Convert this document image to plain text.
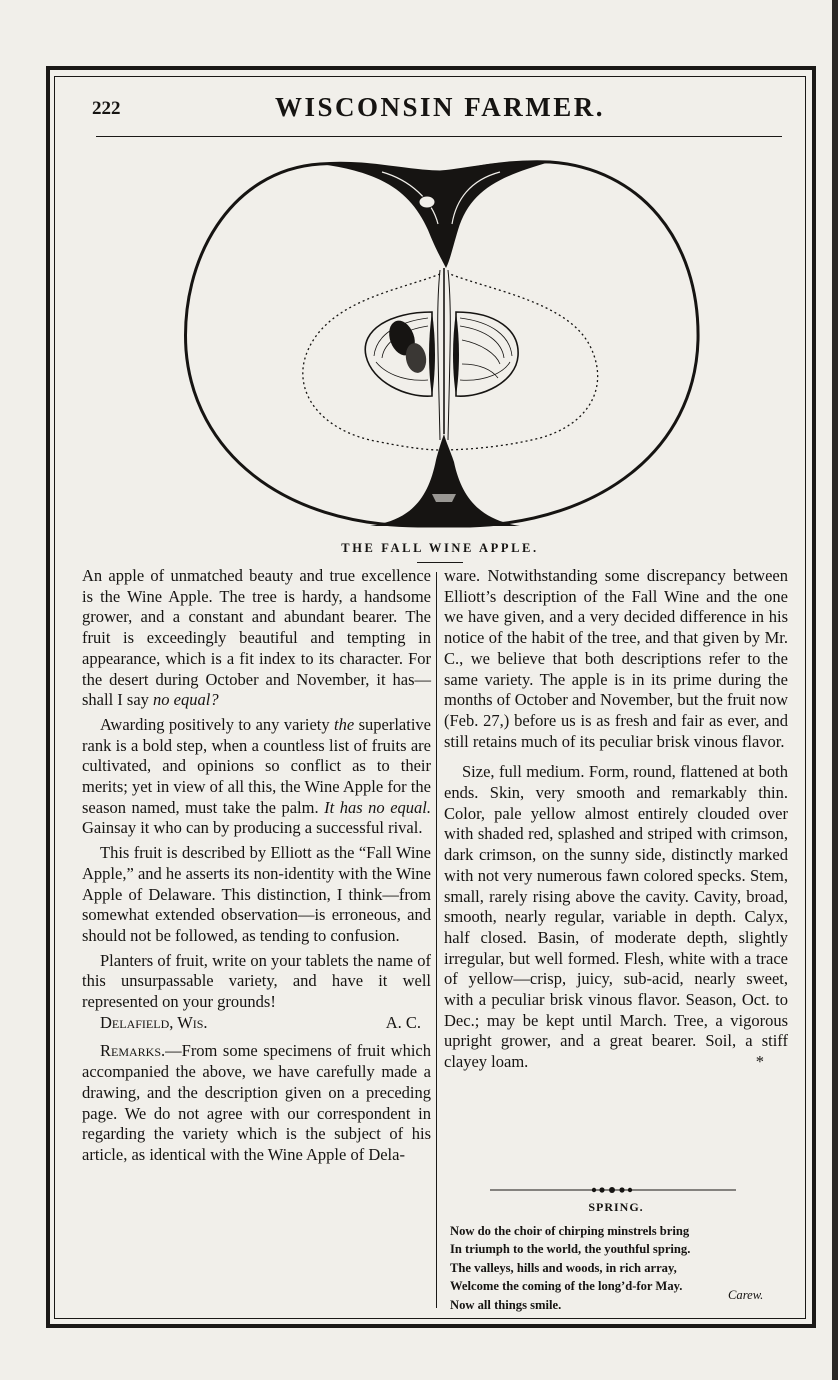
222	WISCONSIN FARMER.
THE FALL WINE APPLE.

An apple of unmatched beauty and true excellence is the Wine Apple. The tree is hardy, a handsome grower, and a constant and abundant bearer. The fruit is exceedingly beautiful and tempting in appearance, which is a fit index to its character. For the desert during October and November, it has—shall I say no equal?

Awarding positively to any variety the superlative rank is a bold step, when a countless list of fruits are cultivated, and opinions so conflict as to their merits; yet in view of all this, the Wine Apple for the season named, must take the palm. It has no equal. Gainsay it who can by producing a successful rival.

This fruit is described by Elliott as the “Fall Wine Apple,” and he asserts its non-identity with the Wine Apple of Delaware. This distinction, I think—from somewhat extended observation—is erroneous, and should not be followed, as tending to confusion.

Planters of fruit, write on your tablets the name of this unsurpassable variety, and have it well represented on your grounds!

Delafield, Wis.	A. C.

Remarks.—From some specimens of fruit which accompanied the above, we have carefully made a drawing, and the description given on a preceding page. We do not agree with our correspondent in regarding the variety which is the subject of his article, as identical with the Wine Apple of Dela-

ware. Notwithstanding some discrepancy between Elliott’s description of the Fall Wine and the one we have given, and a very decided difference in his notice of the habit of the tree, and that given by Mr. C., we believe that both descriptions refer to the same variety. The apple is in its prime during the months of October and November, but the fruit now (Feb. 27,) before us is as fresh and fair as ever, and still retains much of its peculiar brisk vinous flavor.

Size, full medium. Form, round, flattened at both ends. Skin, very smooth and remarkably thin. Color, pale yellow almost entirely clouded over with shaded red, splashed and striped with crimson, dark crimson, on the sunny side, distinctly marked with not very numerous fawn colored specks. Stem, small, rarely rising above the cavity. Cavity, broad, smooth, nearly regular, variable in depth. Calyx, half closed. Basin, of moderate depth, slightly irregular, but well formed. Flesh, white with a trace of yellow—crisp, juicy, sub-acid, nearly sweet, with a peculiar brisk vinous flavor. Season, Oct. to Dec.; may be kept until March. Tree, a vigorous upright grower, and a great bearer. Soil, a stiff clayey loam.	*

SPRING.
Now do the choir of chirping minstrels bring
In triumph to the world, the youthful spring.
The valleys, hills and woods, in rich array,
Welcome the coming of the long’d-for May.
Now all things smile.
Carew.
